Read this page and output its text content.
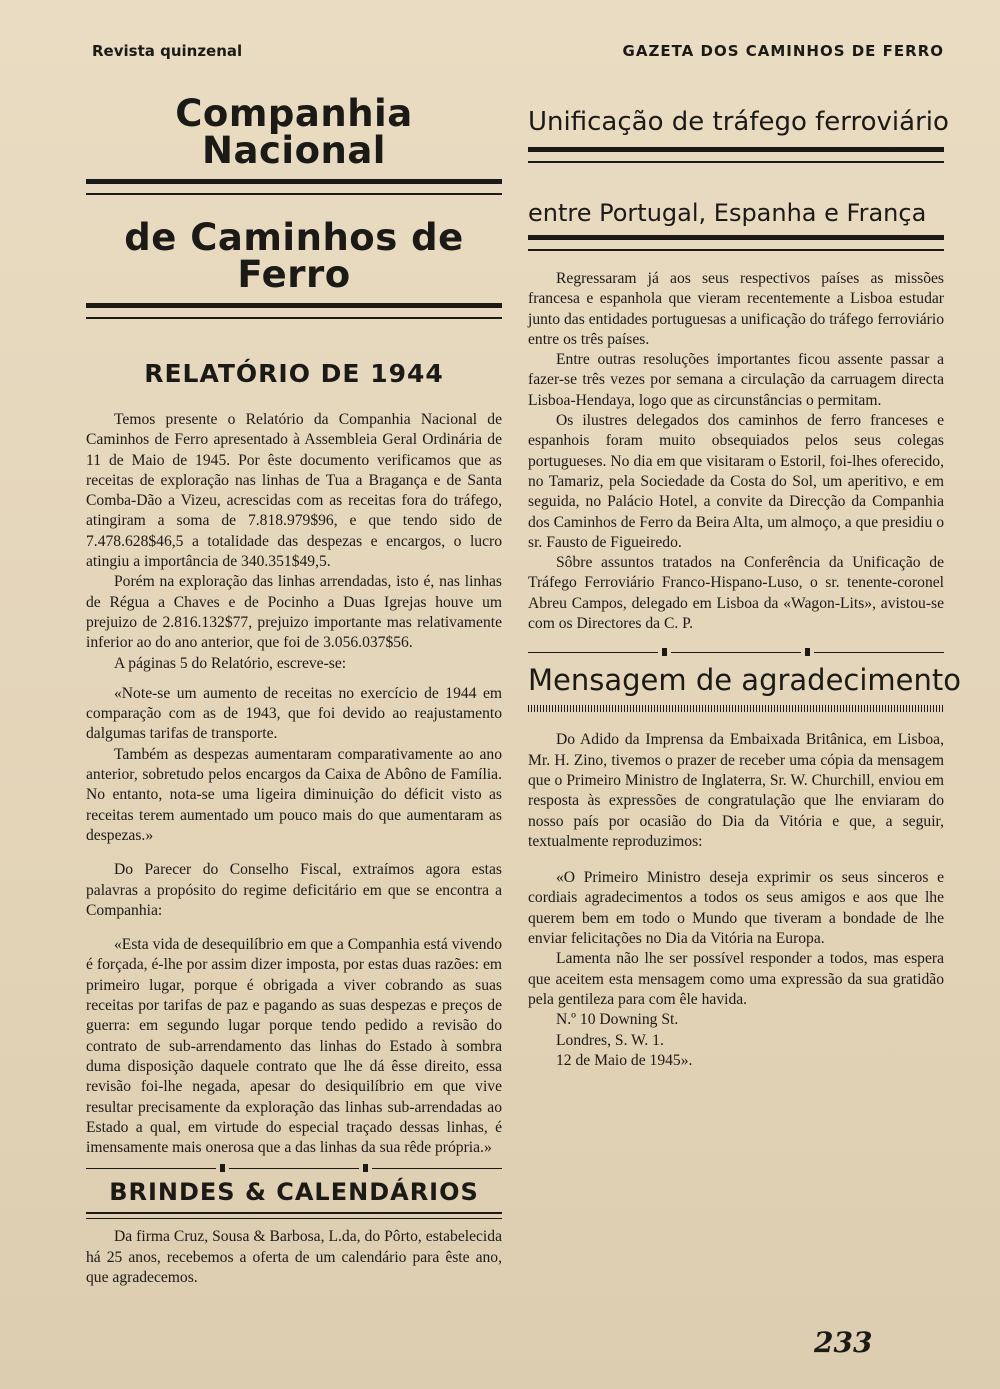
Revista quinzenal	GAZETA DOS CAMINHOS DE FERRO
Companhia Nacional
de Caminhos de Ferro
RELATÓRIO DE 1944

Temos presente o Relatório da Companhia Nacional de Caminhos de Ferro apresentado à Assembleia Geral Ordinária de 11 de Maio de 1945. Por êste documento verificamos que as receitas de exploração nas linhas de Tua a Bragança e de Santa Comba-Dão a Vizeu, acrescidas com as receitas fora do tráfego, atingiram a soma de 7.818.979$96, e que tendo sido de 7.478.628$46,5 a totalidade das despezas e encargos, o lucro atingiu a importância de 340.351$49,5.

Porém na exploração das linhas arrendadas, isto é, nas linhas de Régua a Chaves e de Pocinho a Duas Igrejas houve um prejuizo de 2.816.132$77, prejuizo importante mas relativamente inferior ao do ano anterior, que foi de 3.056.037$56.

A páginas 5 do Relatório, escreve-se:

«Note-se um aumento de receitas no exercício de 1944 em comparação com as de 1943, que foi devido ao reajustamento dalgumas tarifas de transporte.

Também as despezas aumentaram comparativamente ao ano anterior, sobretudo pelos encargos da Caixa de Abôno de Família. No entanto, nota-se uma ligeira diminuição do déficit visto as receitas terem aumentado um pouco mais do que aumentaram as despezas.»

Do Parecer do Conselho Fiscal, extraímos agora estas palavras a propósito do regime deficitário em que se encontra a Companhia:

«Esta vida de desequilíbrio em que a Companhia está vivendo é forçada, é-lhe por assim dizer imposta, por estas duas razões: em primeiro lugar, porque é obrigada a viver cobrando as suas receitas por tarifas de paz e pagando as suas despezas e preços de guerra: em segundo lugar porque tendo pedido a revisão do contrato de sub-arrendamento das linhas do Estado à sombra duma disposição daquele contrato que lhe dá êsse direito, essa revisão foi-lhe negada, apesar do desiquilíbrio em que vive resultar precisamente da exploração das linhas sub-arrendadas ao Estado a qual, em virtude do especial traçado dessas linhas, é imensamente mais onerosa que a das linhas da sua rêde própria.»

BRINDES & CALENDÁRIOS

Da firma Cruz, Sousa & Barbosa, L.da, do Pôrto, estabelecida há 25 anos, recebemos a oferta de um calendário para êste ano, que agradecemos.

Unificação de tráfego ferroviário
entre Portugal, Espanha e França

Regressaram já aos seus respectivos países as missões francesa e espanhola que vieram recentemente a Lisboa estudar junto das entidades portuguesas a unificação do tráfego ferroviário entre os três países.

Entre outras resoluções importantes ficou assente passar a fazer-se três vezes por semana a circulação da carruagem directa Lisboa-Hendaya, logo que as circunstâncias o permitam.

Os ilustres delegados dos caminhos de ferro franceses e espanhois foram muito obsequiados pelos seus colegas portugueses. No dia em que visitaram o Estoril, foi-lhes oferecido, no Tamariz, pela Sociedade da Costa do Sol, um aperitivo, e em seguida, no Palácio Hotel, a convite da Direcção da Companhia dos Caminhos de Ferro da Beira Alta, um almoço, a que presidiu o sr. Fausto de Figueiredo.

Sôbre assuntos tratados na Conferência da Unificação de Tráfego Ferroviário Franco-Hispano-Luso, o sr. tenente-coronel Abreu Campos, delegado em Lisboa da «Wagon-Lits», avistou-se com os Directores da C. P.

Mensagem de agradecimento

Do Adido da Imprensa da Embaixada Britânica, em Lisboa, Mr. H. Zino, tivemos o prazer de receber uma cópia da mensagem que o Primeiro Ministro de Inglaterra, Sr. W. Churchill, enviou em resposta às expressões de congratulação que lhe enviaram do nosso país por ocasião do Dia da Vitória e que, a seguir, textualmente reproduzimos:

«O Primeiro Ministro deseja exprimir os seus sinceros e cordiais agradecimentos a todos os seus amigos e aos que lhe querem bem em todo o Mundo que tiveram a bondade de lhe enviar felicitações no Dia da Vitória na Europa.

Lamenta não lhe ser possível responder a todos, mas espera que aceitem esta mensagem como uma expressão da sua gratidão pela gentileza para com êle havida.

N.º 10 Downing St.

Londres, S. W. 1.

12 de Maio de 1945».

233
